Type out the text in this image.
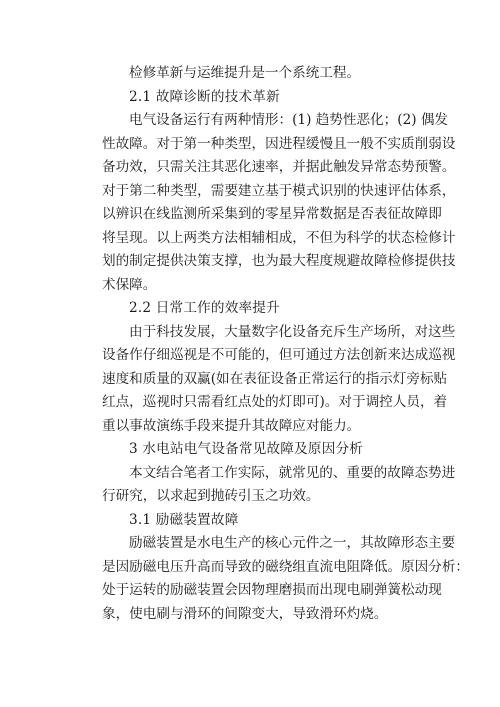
检修革新与运维提升是一个系统工程。
2.1 故障诊断的技术革新
电气设备运行有两种情形：(1) 趋势性恶化；(2) 偶发
性故障。对于第一种类型，因进程缓慢且一般不实质削弱设
备功效，只需关注其恶化速率，并据此触发异常态势预警。
对于第二种类型，需要建立基于模式识别的快速评估体系，
以辨识在线监测所采集到的零星异常数据是否表征故障即
将呈现。以上两类方法相辅相成，不但为科学的状态检修计
划的制定提供决策支撑，也为最大程度规避故障检修提供技
术保障。
2.2 日常工作的效率提升
由于科技发展，大量数字化设备充斥生产场所，对这些
设备作仔细巡视是不可能的，但可通过方法创新来达成巡视
速度和质量的双赢(如在表征设备正常运行的指示灯旁标贴
红点，巡视时只需看红点处的灯即可)。对于调控人员，着
重以事故演练手段来提升其故障应对能力。
3 水电站电气设备常见故障及原因分析
本文结合笔者工作实际，就常见的、重要的故障态势进
行研究，以求起到抛砖引玉之功效。
3.1 励磁装置故障
励磁装置是水电生产的核心元件之一，其故障形态主要
是因励磁电压升高而导致的磁绕组直流电阻降低。原因分析：
处于运转的励磁装置会因物理磨损而出现电刷弹簧松动现
象，使电刷与滑环的间隙变大，导致滑环灼烧。
